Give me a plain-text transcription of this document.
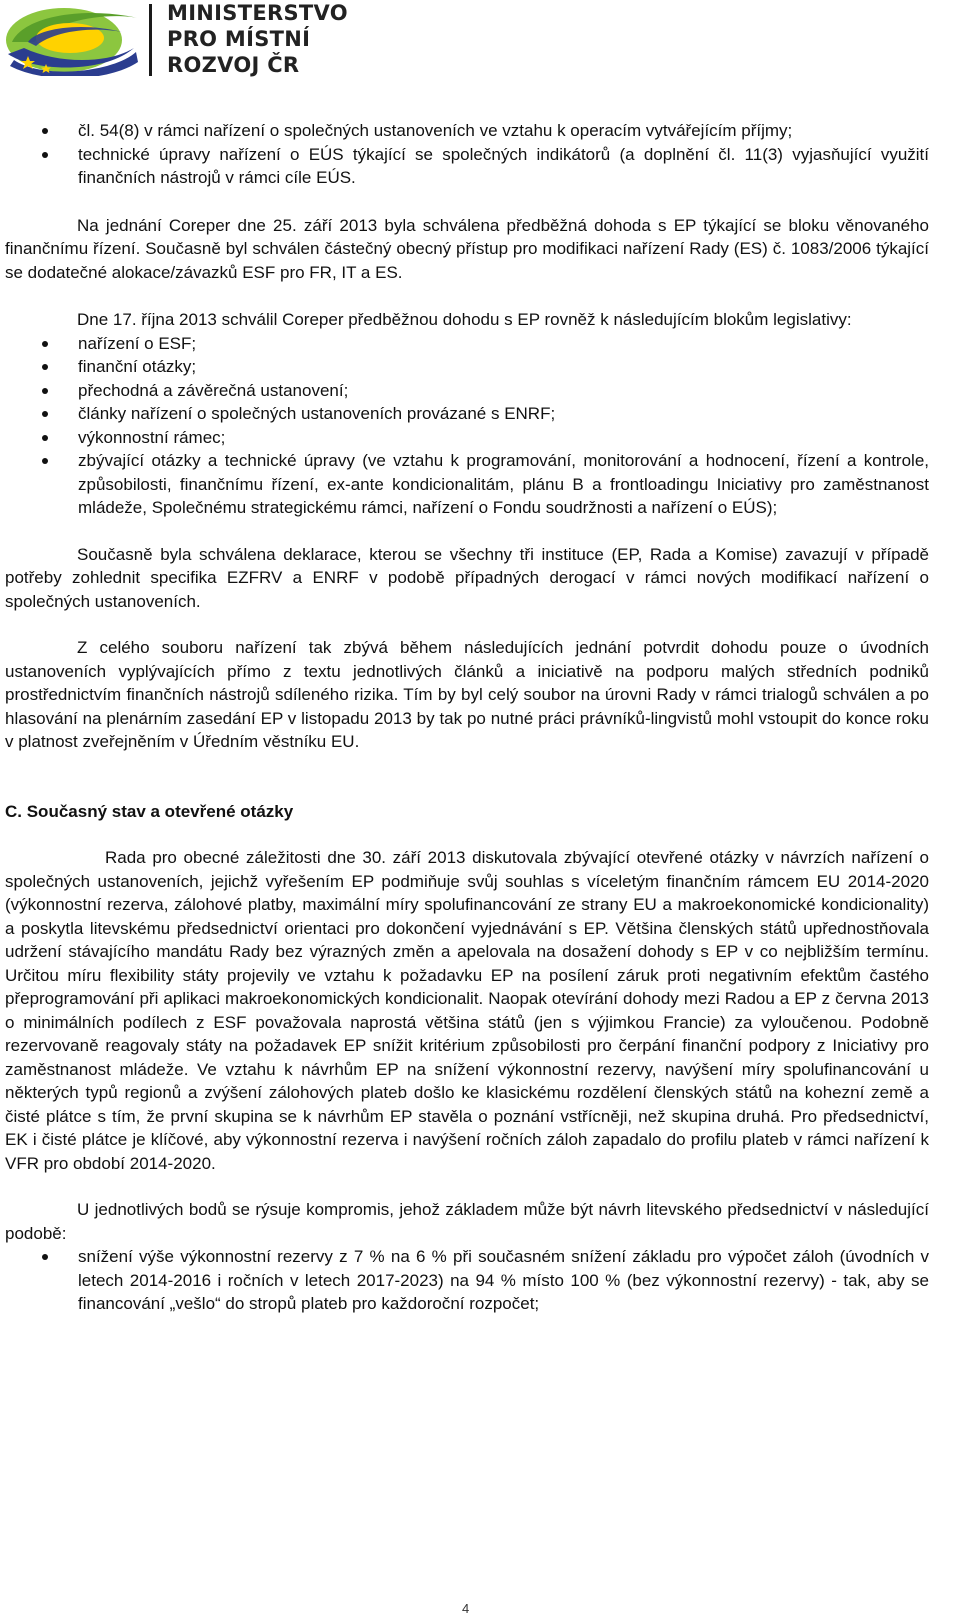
MINISTERSTVO
PRO MÍSTNÍ
ROZVOJ ČR
čl. 54(8) v rámci nařízení o společných ustanoveních ve vztahu k operacím vytvářejícím příjmy;
technické úpravy nařízení o EÚS týkající se společných indikátorů (a doplnění čl. 11(3) vyjasňující využití finančních nástrojů v rámci cíle EÚS.

Na jednání Coreper dne 25. září 2013 byla schválena předběžná dohoda s EP týkající se bloku věnovaného finančnímu řízení. Současně byl schválen částečný obecný přístup pro modifikaci nařízení Rady (ES) č. 1083/2006 týkající se dodatečné alokace/závazků ESF pro FR, IT a ES.

Dne 17. října 2013 schválil Coreper předběžnou dohodu s EP rovněž k následujícím blokům legislativy:

nařízení o ESF;
finanční otázky;
přechodná a závěrečná ustanovení;
články nařízení o společných ustanoveních provázané s ENRF;
výkonnostní rámec;
zbývající otázky a technické úpravy (ve vztahu k programování, monitorování a hodnocení, řízení a kontrole, způsobilosti, finančnímu řízení, ex-ante kondicionalitám, plánu B a frontloadingu Iniciativy pro zaměstnanost mládeže, Společnému strategickému rámci, nařízení o Fondu soudržnosti a nařízení o EÚS);

Současně byla schválena deklarace, kterou se všechny tři instituce (EP, Rada a Komise) zavazují v případě potřeby zohlednit specifika EZFRV a ENRF v podobě případných derogací v rámci nových modifikací nařízení o společných ustanoveních.

Z celého souboru nařízení tak zbývá během následujících jednání potvrdit dohodu pouze o úvodních ustanoveních vyplývajících přímo z textu jednotlivých článků a iniciativě na podporu malých středních podniků prostřednictvím finančních nástrojů sdíleného rizika. Tím by byl celý soubor na úrovni Rady v rámci trialogů schválen a po hlasování na plenárním zasedání EP v listopadu 2013 by tak po nutné práci právníků-lingvistů mohl vstoupit do konce roku v platnost zveřejněním v Úředním věstníku EU.

C. Současný stav a otevřené otázky

Rada pro obecné záležitosti dne 30. září 2013 diskutovala zbývající otevřené otázky v návrzích nařízení o společných ustanoveních, jejichž vyřešením EP podmiňuje svůj souhlas s víceletým finančním rámcem EU 2014-2020 (výkonnostní rezerva, zálohové platby, maximální míry spolufinancování ze strany EU a makroekonomické kondicionality) a poskytla litevskému předsednictví orientaci pro dokončení vyjednávání s EP. Většina členských států upřednostňovala udržení stávajícího mandátu Rady bez výrazných změn a apelovala na dosažení dohody s EP v co nejbližším termínu. Určitou míru flexibility státy projevily ve vztahu k požadavku EP na posílení záruk proti negativním efektům častého přeprogramování při aplikaci makroekonomických kondicionalit. Naopak otevírání dohody mezi Radou a EP z června 2013 o minimálních podílech z ESF považovala naprostá většina států (jen s výjimkou Francie) za vyloučenou. Podobně rezervovaně reagovaly státy na požadavek EP snížit kritérium způsobilosti pro čerpání finanční podpory z Iniciativy pro zaměstnanost mládeže. Ve vztahu k návrhům EP na snížení výkonnostní rezervy, navýšení míry spolufinancování u některých typů regionů a zvýšení zálohových plateb došlo ke klasickému rozdělení členských států na kohezní země a čisté plátce s tím, že první skupina se k návrhům EP stavěla o poznání vstřícněji, než skupina druhá. Pro předsednictví, EK i čisté plátce je klíčové, aby výkonnostní rezerva i navýšení ročních záloh zapadalo do profilu plateb v rámci nařízení k VFR pro období 2014-2020.

U jednotlivých bodů se rýsuje kompromis, jehož základem může být návrh litevského předsednictví v následující podobě:

snížení výše výkonnostní rezervy z 7 % na 6 % při současném snížení základu pro výpočet záloh (úvodních v letech 2014-2016 i ročních v letech 2017-2023) na 94 % místo 100 % (bez výkonnostní rezervy) - tak, aby se financování „vešlo“ do stropů plateb pro každoroční rozpočet;
4
